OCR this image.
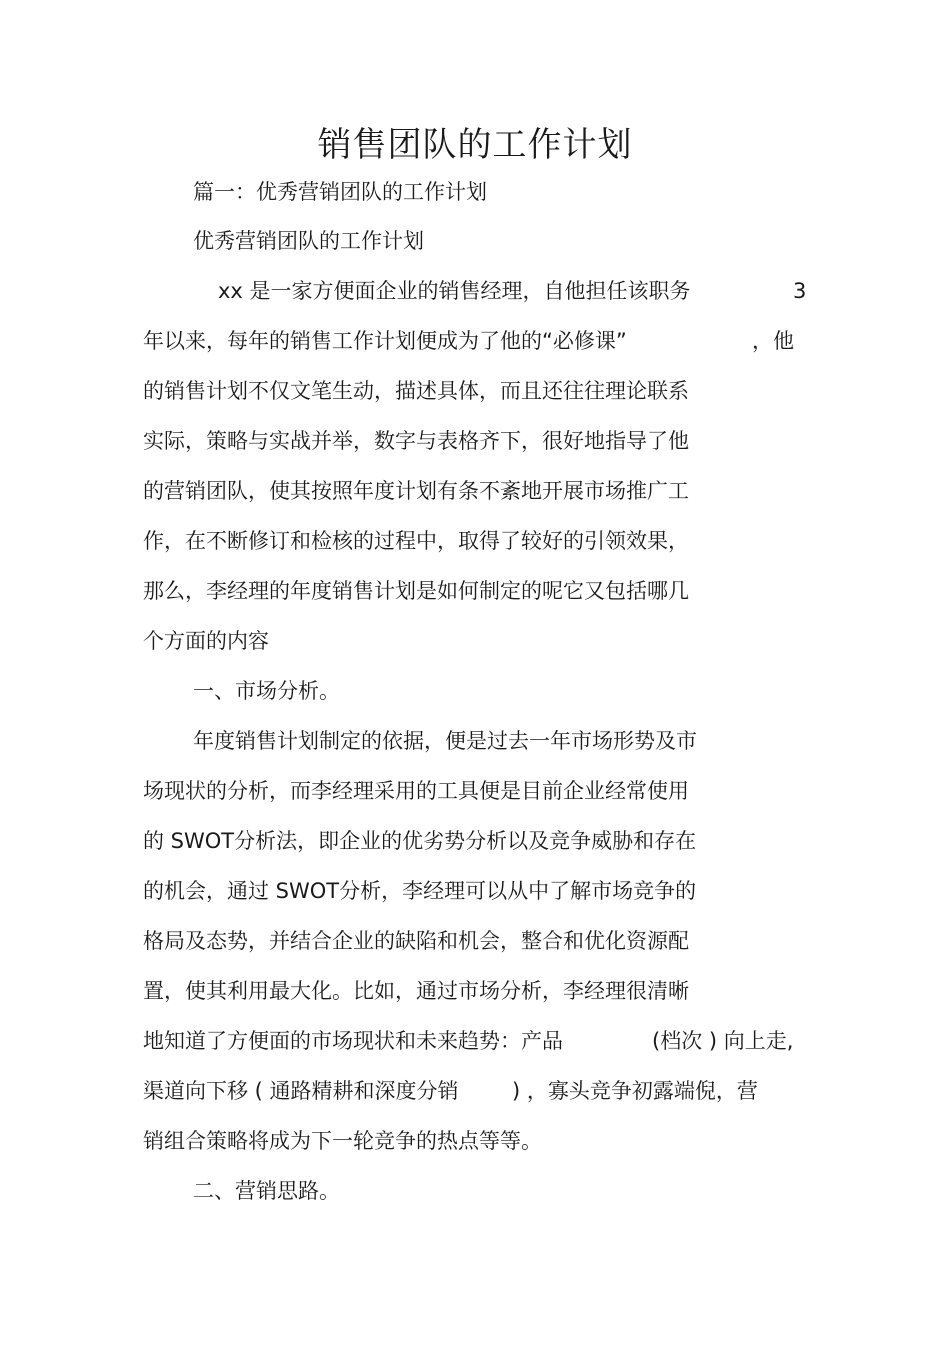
销售团队的工作计划

篇一：优秀营销团队的工作计划

优秀营销团队的工作计划

xx 是一家方便面企业的销售经理，自他担任该职务	3

年以来，每年的销售工作计划便成为了他的“必修课”	，他

的销售计划不仅文笔生动，描述具体，而且还往往理论联系

实际，策略与实战并举，数字与表格齐下，很好地指导了他

的营销团队，使其按照年度计划有条不紊地开展市场推广工

作，在不断修订和检核的过程中，取得了较好的引领效果，

那么，李经理的年度销售计划是如何制定的呢它又包括哪几

个方面的内容

一、市场分析。

年度销售计划制定的依据，便是过去一年市场形势及市

场现状的分析，而李经理采用的工具便是目前企业经常使用

的 SWOT分析法，即企业的优劣势分析以及竞争威胁和存在

的机会，通过 SWOT分析，李经理可以从中了解市场竞争的

格局及态势，并结合企业的缺陷和机会，整合和优化资源配

置，使其利用最大化。比如，通过市场分析，李经理很清晰

地知道了方便面的市场现状和未来趋势：产品	(档次 ) 向上走,

渠道向下移 ( 通路精耕和深度分销	) ，寡头竞争初露端倪，营

销组合策略将成为下一轮竞争的热点等等。

二、营销思路。
